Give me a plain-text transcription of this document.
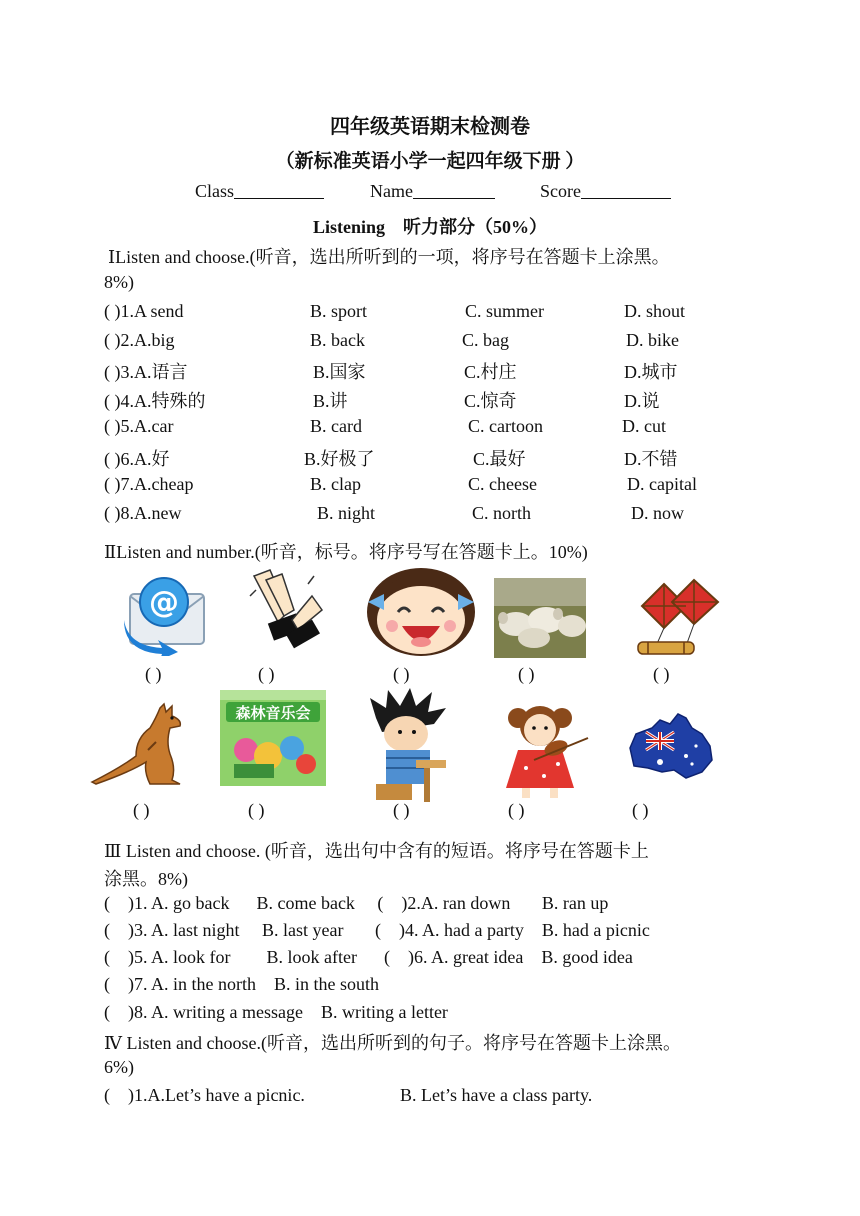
四年级英语期末检测卷
（新标准英语小学一起四年级下册 ）
Class	Name	Score
Listening　听力部分（50%）
ⅠListen and choose.(听音，选出所听到的一项，将序号在答题卡上涂黑。
8%)
( )1.A send	B. sport	C. summer	D. shout
( )2.A.big	B. back	C. bag	D. bike
( )3.A.语言	B.国家	C.村庄	D.城市
( )4.A.特殊的	B.讲	C.惊奇	D.说
( )5.A.car	B. card	C. cartoon	D. cut
( )6.A.好	B.好极了	C.最好	D.不错
( )7.A.cheap	B. clap	C. cheese	D. capital
( )8.A.new	B. night	C. north	D. now
ⅡListen and number.(听音，标号。将序号写在答题卡上。10%)
@
( )	( )	( )	( )	( )
森林音乐会
( )	( )	( )	( )	( )
Ⅲ Listen and choose. (听音，选出句中含有的短语。将序号在答题卡上
涂黑。8%)
(    )1. A. go back      B. come back     (    )2.A. ran down       B. ran up
(    )3. A. last night     B. last year       (    )4. A. had a party    B. had a picnic
(    )5. A. look for        B. look after      (    )6. A. great idea    B. good idea
(    )7. A. in the north    B. in the south
(    )8. A. writing a message    B. writing a letter
Ⅳ Listen and choose.(听音，选出所听到的句子。将序号在答题卡上涂黑。
6%)
(    )1.A.Let’s have a picnic.	B. Let’s have a class party.
